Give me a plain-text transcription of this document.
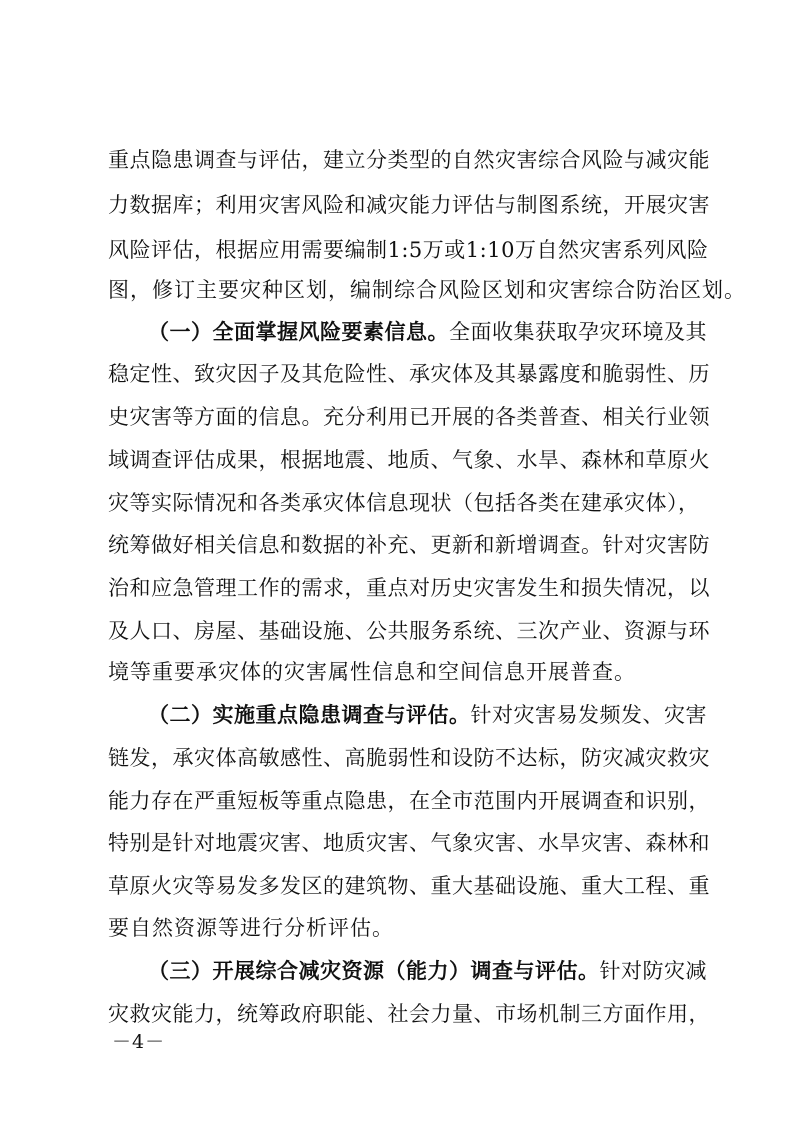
重点隐患调查与评估，建立分类型的自然灾害综合风险与减灾能
力数据库；利用灾害风险和减灾能力评估与制图系统，开展灾害
风险评估，根据应用需要编制1:5万或1:10万自然灾害系列风险
图，修订主要灾种区划，编制综合风险区划和灾害综合防治区划。
（一）全面掌握风险要素信息。全面收集获取孕灾环境及其
稳定性、致灾因子及其危险性、承灾体及其暴露度和脆弱性、历
史灾害等方面的信息。充分利用已开展的各类普查、相关行业领
域调查评估成果，根据地震、地质、气象、水旱、森林和草原火
灾等实际情况和各类承灾体信息现状（包括各类在建承灾体），
统筹做好相关信息和数据的补充、更新和新增调查。针对灾害防
治和应急管理工作的需求，重点对历史灾害发生和损失情况，以
及人口、房屋、基础设施、公共服务系统、三次产业、资源与环
境等重要承灾体的灾害属性信息和空间信息开展普查。
（二）实施重点隐患调查与评估。针对灾害易发频发、灾害
链发，承灾体高敏感性、高脆弱性和设防不达标，防灾减灾救灾
能力存在严重短板等重点隐患，在全市范围内开展调查和识别，
特别是针对地震灾害、地质灾害、气象灾害、水旱灾害、森林和
草原火灾等易发多发区的建筑物、重大基础设施、重大工程、重
要自然资源等进行分析评估。
（三）开展综合减灾资源（能力）调查与评估。针对防灾减
灾救灾能力，统筹政府职能、社会力量、市场机制三方面作用，
－4－
